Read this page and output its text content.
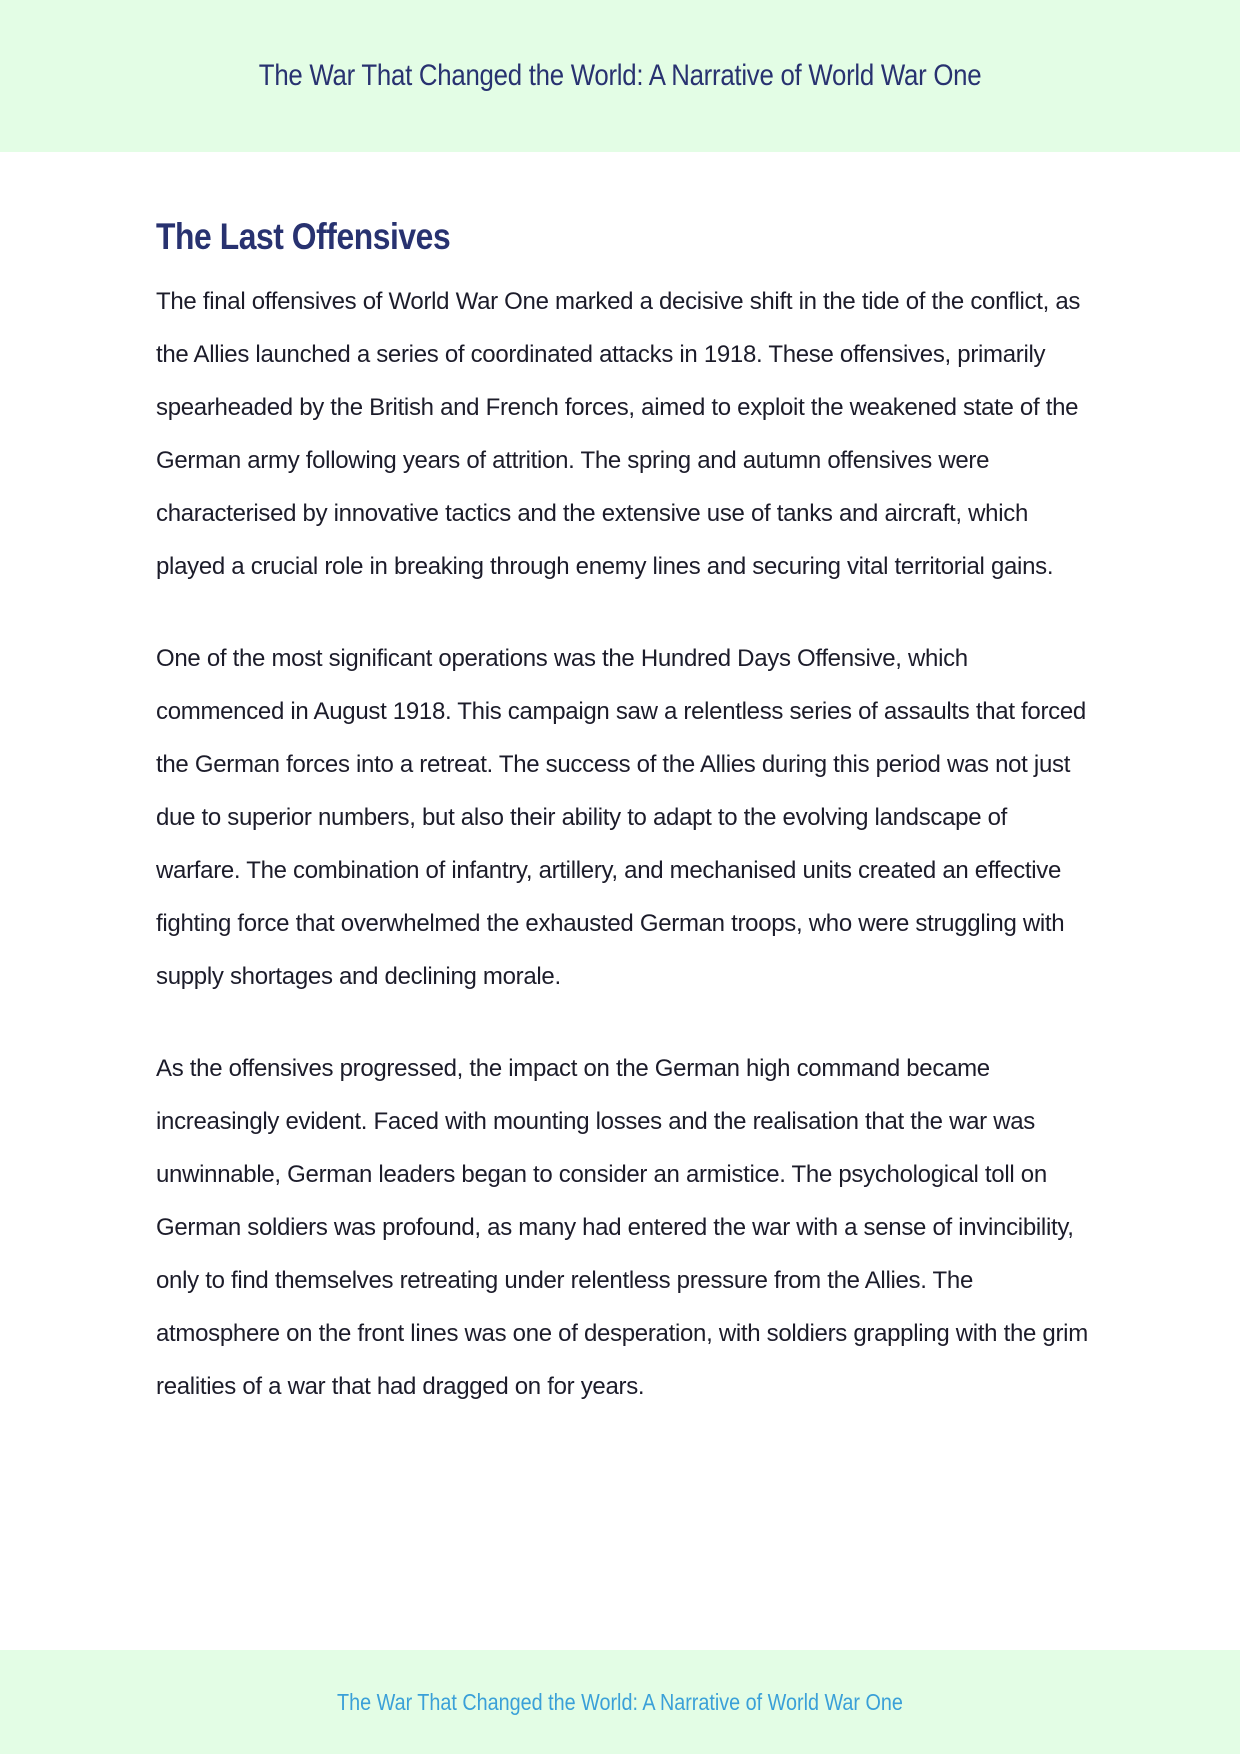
The War That Changed the World: A Narrative of World War One
The Last Offensives

The final offensives of World War One marked a decisive shift in the tide of the conflict, as the Allies launched a series of coordinated attacks in 1918. These offensives, primarily spearheaded by the British and French forces, aimed to exploit the weakened state of the German army following years of attrition. The spring and autumn offensives were characterised by innovative tactics and the extensive use of tanks and aircraft, which played a crucial role in breaking through enemy lines and securing vital territorial gains.

One of the most significant operations was the Hundred Days Offensive, which commenced in August 1918. This campaign saw a relentless series of assaults that forced the German forces into a retreat. The success of the Allies during this period was not just due to superior numbers, but also their ability to adapt to the evolving landscape of warfare. The combination of infantry, artillery, and mechanised units created an effective fighting force that overwhelmed the exhausted German troops, who were struggling with supply shortages and declining morale.

As the offensives progressed, the impact on the German high command became increasingly evident. Faced with mounting losses and the realisation that the war was unwinnable, German leaders began to consider an armistice. The psychological toll on German soldiers was profound, as many had entered the war with a sense of invincibility, only to find themselves retreating under relentless pressure from the Allies. The atmosphere on the front lines was one of desperation, with soldiers grappling with the grim realities of a war that had dragged on for years.

The War That Changed the World: A Narrative of World War One
